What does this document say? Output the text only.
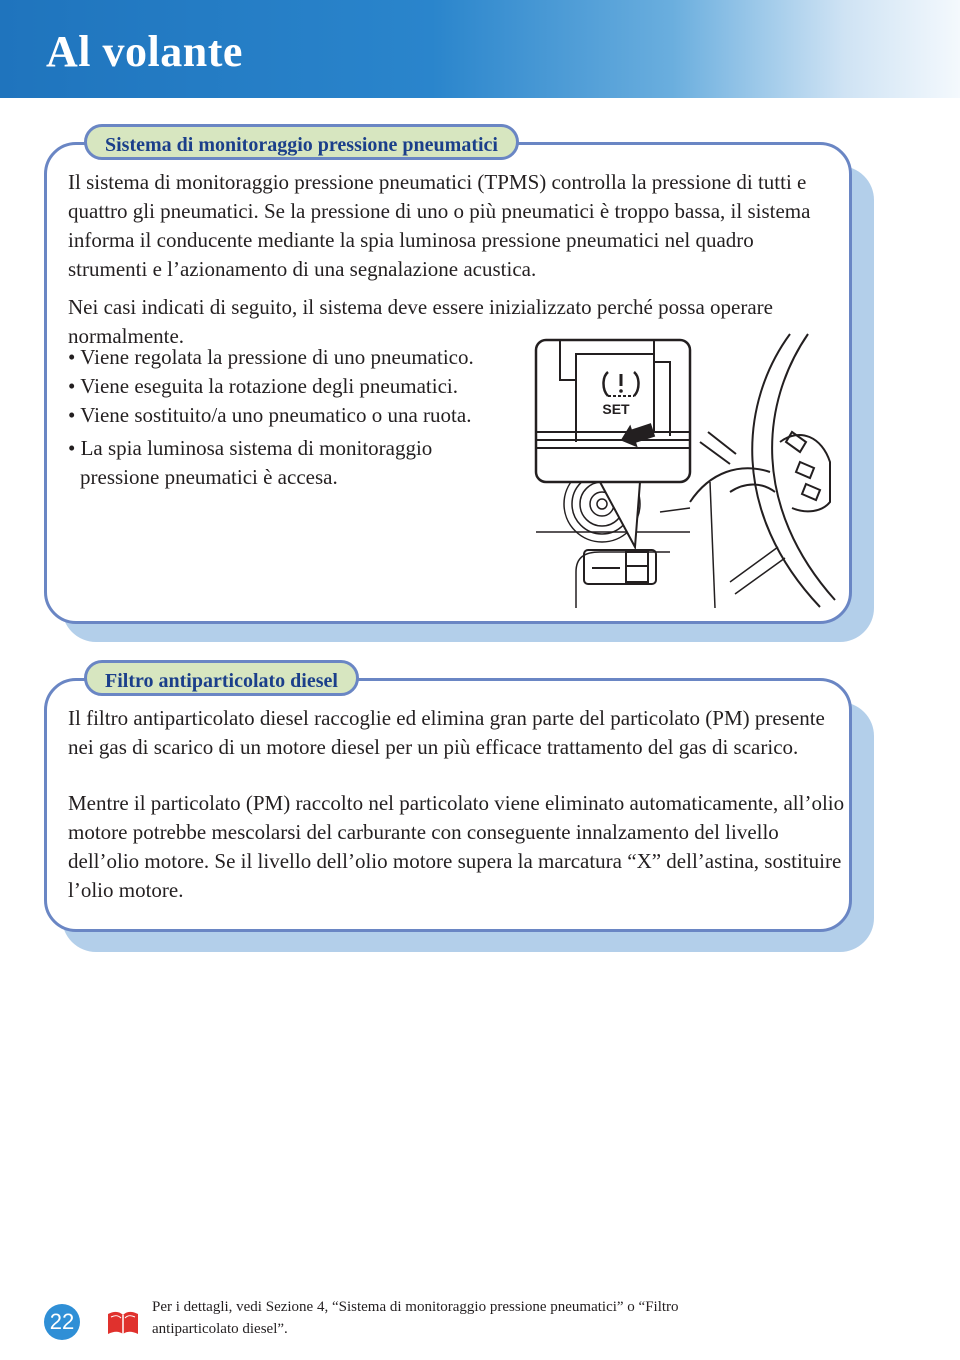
Al volante
Sistema di monitoraggio pressione pneumatici

Il sistema di monitoraggio pressione pneumatici (TPMS) controlla la pressione di tutti e quattro gli pneumatici. Se la pressione di uno o più pneumatici è troppo bassa, il sistema informa il conducente mediante la spia luminosa pressione pneumatici nel quadro strumenti e l’azionamento di una segnalazione acustica.

Nei casi indicati di seguito, il sistema deve essere inizializzato perché possa operare normalmente.

• Viene regolata la pressione di uno pneumatico.
• Viene eseguita la rotazione degli pneumatici.
• Viene sostituito/a uno pneumatico o una ruota.
• La spia luminosa sistema di monitoraggio pressione pneumatici è accesa.
SET
Filtro antiparticolato diesel

Il filtro antiparticolato diesel raccoglie ed elimina gran parte del particolato (PM) presente nei gas di scarico di un motore diesel per un più efficace trattamento del gas di scarico.

Mentre il particolato (PM) raccolto nel particolato viene eliminato automaticamente, all’olio motore potrebbe mescolarsi del carburante con conseguente innalzamento del livello dell’olio motore. Se il livello dell’olio motore supera la marcatura “X” dell’astina, sostituire l’olio motore.

22

Per i dettagli, vedi Sezione 4, “Sistema di monitoraggio pressione pneumatici” o “Filtro antiparticolato diesel”.
